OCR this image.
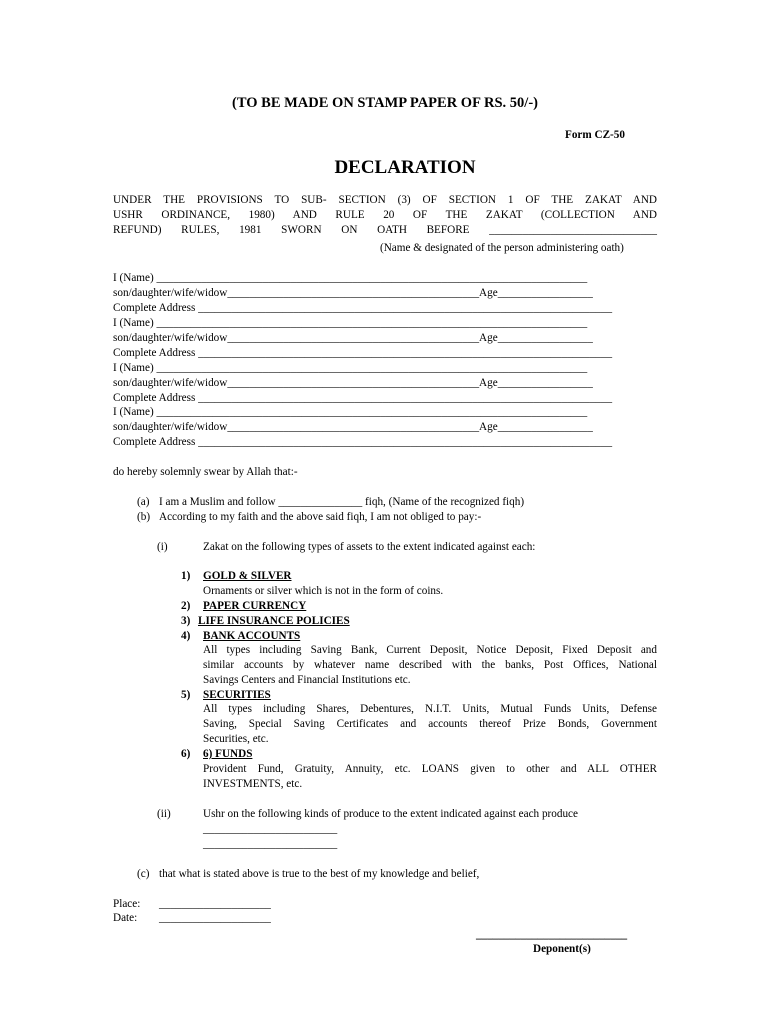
(TO BE MADE ON STAMP PAPER OF RS. 50/-)
Form CZ-50
DECLARATION
UNDER THE PROVISIONS TO SUB- SECTION (3) OF SECTION 1 OF THE ZAKAT AND
USHR ORDINANCE, 1980) AND RULE 20 OF THE ZAKAT (COLLECTION AND
REFUND) RULES, 1981 SWORN ON OATH BEFORE ______________________________
(Name & designated of the person administering oath)
I (Name) _____________________________________________________________________________
son/daughter/wife/widow_____________________________________________Age_________________
Complete Address __________________________________________________________________________
I (Name) _____________________________________________________________________________
son/daughter/wife/widow_____________________________________________Age_________________
Complete Address __________________________________________________________________________
I (Name) _____________________________________________________________________________
son/daughter/wife/widow_____________________________________________Age_________________
Complete Address __________________________________________________________________________
I (Name) _____________________________________________________________________________
son/daughter/wife/widow_____________________________________________Age_________________
Complete Address __________________________________________________________________________
do hereby solemnly swear by Allah that:-
(a) I am a Muslim and follow _______________ fiqh, (Name of the recognized fiqh)
(b) According to my faith and the above said fiqh, I am not obliged to pay:-
(i)	Zakat on the following types of assets to the extent indicated against each:
1) GOLD & SILVER
Ornaments or silver which is not in the form of coins.
2) PAPER CURRENCY
3) LIFE INSURANCE POLICIES
4) BANK ACCOUNTS
All types including Saving Bank, Current Deposit, Notice Deposit, Fixed Deposit and
similar accounts by whatever name described with the banks, Post Offices, National
Savings Centers and Financial Institutions etc.
5) SECURITIES
All types including Shares, Debentures, N.I.T. Units, Mutual Funds Units, Defense
Saving, Special Saving Certificates and accounts thereof Prize Bonds, Government
Securities, etc.
6) 6) FUNDS
Provident Fund, Gratuity, Annuity, etc. LOANS given to other and ALL OTHER
INVESTMENTS, etc.
(ii)	Ushr on the following kinds of produce to the extent indicated against each produce
________________________
________________________
(c) that what is stated above is true to the best of my knowledge and belief,
Place: ____________________
Date: ____________________
___________________________
Deponent(s)
